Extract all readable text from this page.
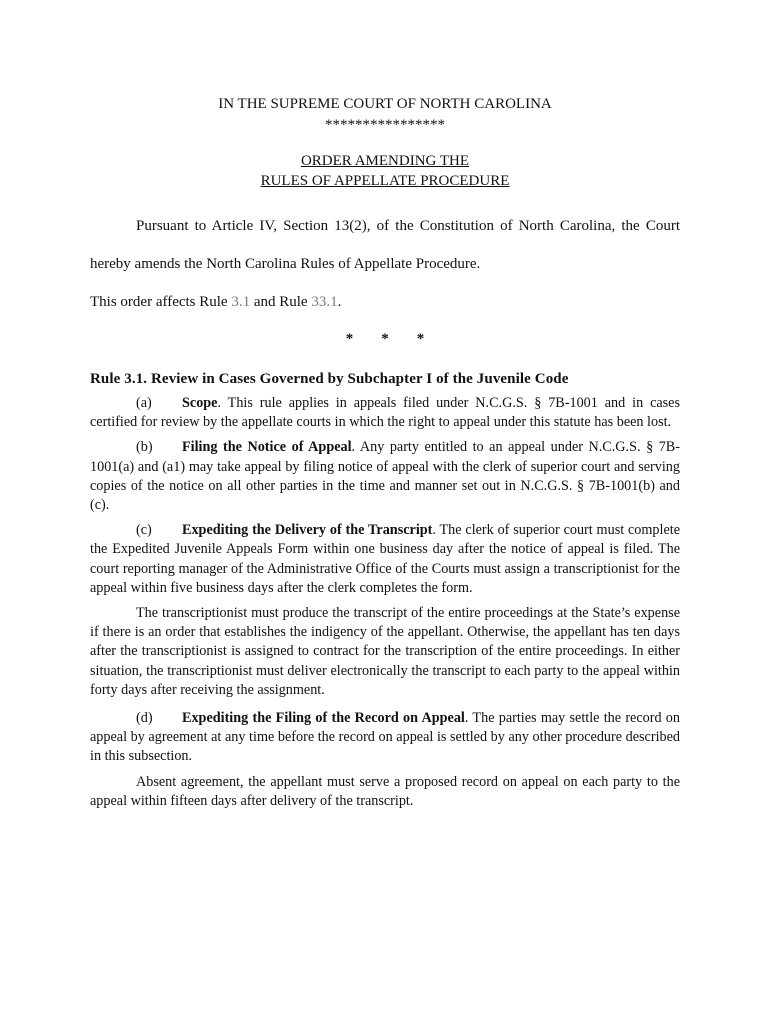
IN THE SUPREME COURT OF NORTH CAROLINA
****************
ORDER AMENDING THE
RULES OF APPELLATE PROCEDURE

Pursuant to Article IV, Section 13(2), of the Constitution of North Carolina, the Court hereby amends the North Carolina Rules of Appellate Procedure.

This order affects Rule 3.1 and Rule 33.1.

* * *
Rule 3.1. Review in Cases Governed by Subchapter I of the Juvenile Code

(a) Scope. This rule applies in appeals filed under N.C.G.S. § 7B-1001 and in cases certified for review by the appellate courts in which the right to appeal under this statute has been lost.

(b) Filing the Notice of Appeal. Any party entitled to an appeal under N.C.G.S. § 7B-1001(a) and (a1) may take appeal by filing notice of appeal with the clerk of superior court and serving copies of the notice on all other parties in the time and manner set out in N.C.G.S. § 7B-1001(b) and (c).

(c) Expediting the Delivery of the Transcript. The clerk of superior court must complete the Expedited Juvenile Appeals Form within one business day after the notice of appeal is filed. The court reporting manager of the Administrative Office of the Courts must assign a transcriptionist for the appeal within five business days after the clerk completes the form.

The transcriptionist must produce the transcript of the entire proceedings at the State’s expense if there is an order that establishes the indigency of the appellant. Otherwise, the appellant has ten days after the transcriptionist is assigned to contract for the transcription of the entire proceedings. In either situation, the transcriptionist must deliver electronically the transcript to each party to the appeal within forty days after receiving the assignment.

(d) Expediting the Filing of the Record on Appeal. The parties may settle the record on appeal by agreement at any time before the record on appeal is settled by any other procedure described in this subsection.

Absent agreement, the appellant must serve a proposed record on appeal on each party to the appeal within fifteen days after delivery of the transcript.
